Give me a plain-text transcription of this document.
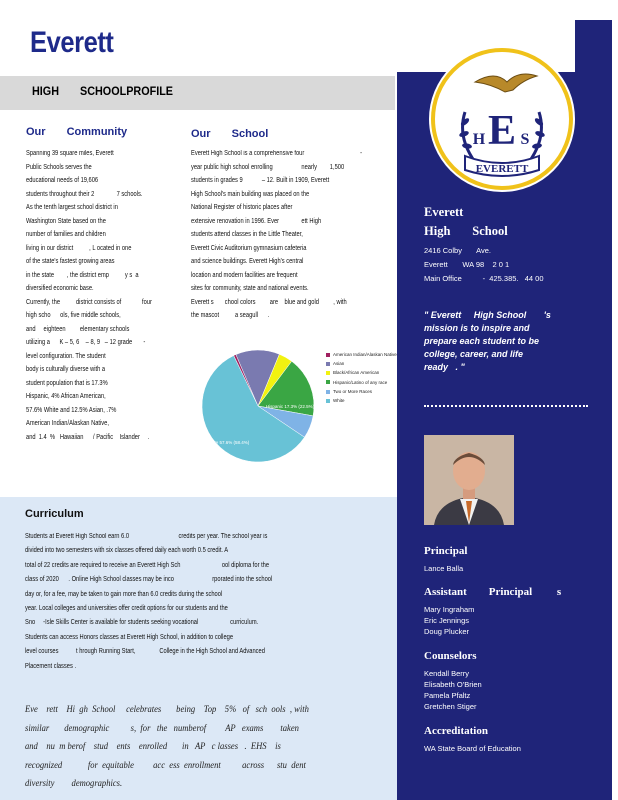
Everett
HIGH SCHOOLPROFILE
E
H S
EVERETT
Our Community
Spanning 39 square miles, Everett
Public Schools serves the
educational needs of 19,606
students throughout their 2              7 schools.
As the tenth largest school district in
Washington State based on the
number of families and children
living in our district          , L ocated in one
of the state's fastest growing areas
in the state        , the district emp          y s  a
diversified economic base.
Currently, the          district consists of             four
high scho      ols, five middle schools,
and     eighteen         elementary schools
utilizing a      K – 5, 6    – 8, 9   – 12 grade       -
level configuration. The student
body is culturally diverse with a
student population that is 17.3%
Hispanic, 4% African American,
57.6% White and 12.5% Asian, .7%
American Indian/Alaskan Native,
and  1.4  %   Hawaiian      / Pacific    Islander     .
Our School
Everett High School is a comprehensive four                                   -
year public high school enrolling                  nearly        1,500
students in grades 9            – 12. Built in 1909, Everett
High School's main building was placed on the
National Register of historic places after
extensive renovation in 1996. Ever              ett High
students attend classes in the Little Theater,
Everett Civic Auditorium gymnasium cafeteria
and science buildings. Everett High's central
location and modern facilities are frequent
sites for community, state and national events.
Everett s       chool colors         are    blue and gold         , with
the mascot          a seagull      .
Hispanic 17.3% (22.5%)
White 57.6% (58.4%)
American Indian/Alaskan Native
Asian
Black/African American
Hispanic/Latino of any race
Two or More Races
White
Curriculum
Students at Everett High School earn 6.0                               credits per year. The school year is
divided into two semesters with six classes offered daily each worth 0.5 credit. A
total of 22 credits are required to receive an Everett High Sch                          ool diploma for the
class of 2020      . Online High School classes may be inco                        rporated into the school
day or, for a fee, may be taken to gain more than 6.0 credits during the school
year. Local colleges and universities offer credit options for our students and the
Sno     -Isle Skills Center is available for students seeking vocational                    curriculum.
Students can access Honors classes at Everett High School, in addition to college
level courses           t hrough Running Start,               College in the High School and Advanced
Placement classes .
Eve    rett    Hi  gh  School     celebrates       being    Top    5%   of   sch  ools  , with
similar       demographic          s,  for   the   numberof         AP   exams        taken
and    nu  m berof    stud    ents    enrolled       in   AP   c lasses   .  EHS    is
recognized            for  equitable         acc  ess  enrollment          across      stu  dent
diversity        demographics.
Everett
High       School
2416 Colby       Ave.
Everett       WA 98    2 0 1
Main Office          -  425.385.   44 00
" Everett     High School       's
mission is to inspire and
prepare each student to be
college, career, and life
ready   . "
Principal
Lance Balla
Assistant        Principal         s
Mary Ingraham
Eric Jennings
Doug Plucker
Counselors
Kendall Berry
Elisabeth O'Brien
Pamela Pfaltz
Gretchen Stiger
Accreditation
WA State Board of Education
